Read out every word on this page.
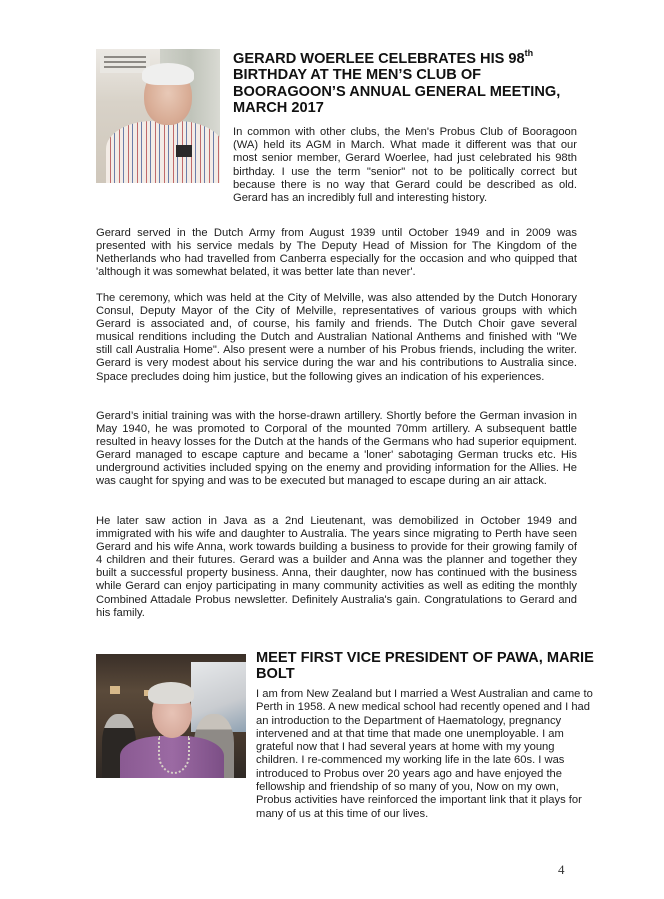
GERARD WOERLEE CELEBRATES HIS 98th BIRTHDAY AT THE MEN’S CLUB OF BOORAGOON’S ANNUAL GENERAL MEETING, MARCH 2017

In common with other clubs, the Men's Probus Club of Booragoon (WA) held its AGM in March. What made it different was that our most senior member, Gerard Woerlee, had just celebrated his 98th birthday. I use the term "senior" not to be politically correct but because there is no way that Gerard could be described as old. Gerard has an incredibly full and interesting history.

Gerard served in the Dutch Army from August 1939 until October 1949 and in 2009 was presented with his service medals by The Deputy Head of Mission for The Kingdom of the Netherlands who had travelled from Canberra especially for the occasion and who quipped that 'although it was somewhat belated, it was better late than never'.

The ceremony, which was held at the City of Melville, was also attended by the Dutch Honorary Consul, Deputy Mayor of the City of Melville, representatives of various groups with which Gerard is associated and, of course, his family and friends. The Dutch Choir gave several musical renditions including the Dutch and Australian National Anthems and finished with "We still call Australia Home". Also present were a number of his Probus friends, including the writer. Gerard is very modest about his service during the war and his contributions to Australia since. Space precludes doing him justice, but the following gives an indication of his experiences.

Gerard’s initial training was with the horse-drawn artillery. Shortly before the German invasion in May 1940, he was promoted to Corporal of the mounted 70mm artillery. A subsequent battle resulted in heavy losses for the Dutch at the hands of the Germans who had superior equipment. Gerard managed to escape capture and became a 'loner' sabotaging German trucks etc. His underground activities included spying on the enemy and providing information for the Allies. He was caught for spying and was to be executed but managed to escape during an air attack.

He later saw action in Java as a 2nd Lieutenant, was demobilized in October 1949 and immigrated with his wife and daughter to Australia. The years since migrating to Perth have seen Gerard and his wife Anna, work towards building a business to provide for their growing family of 4 children and their futures. Gerard was a builder and Anna was the planner and together they built a successful property business. Anna, their daughter, now has continued with the business while Gerard can enjoy participating in many community activities as well as editing the monthly Combined Attadale Probus newsletter. Definitely Australia's gain. Congratulations to Gerard and his family.

MEET FIRST VICE PRESIDENT OF PAWA, MARIE BOLT

I am from New Zealand but I married a West Australian and came to Perth in 1958. A new medical school had recently opened and I had an introduction to the Department of Haematology, pregnancy intervened and at that time that made one unemployable. I am grateful now that I had several years at home with my young children. I re-commenced my working life in the late 60s. I was introduced to Probus over 20 years ago and have enjoyed the fellowship and friendship of so many of you, Now on my own, Probus activities have reinforced the important link that it plays for many of us at this time of our lives.

4
